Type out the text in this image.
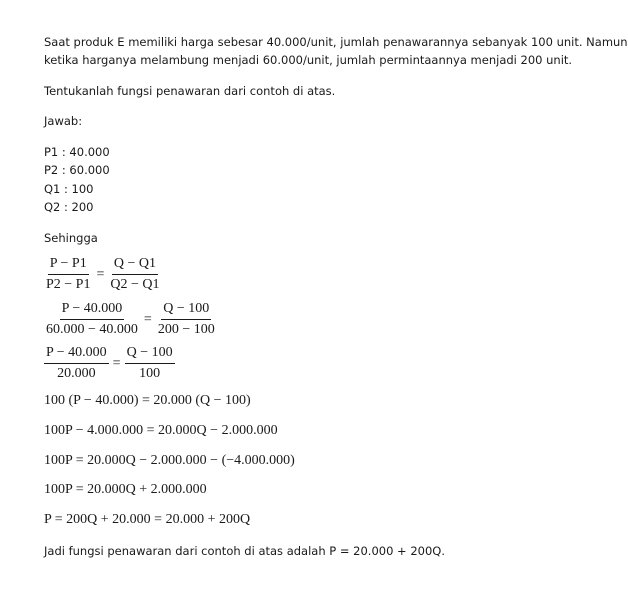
Saat produk E memiliki harga sebesar 40.000/unit, jumlah penawarannya sebanyak 100 unit. Namun
ketika harganya melambung menjadi 60.000/unit, jumlah permintaannya menjadi 200 unit.
Tentukanlah fungsi penawaran dari contoh di atas.
Jawab:
P1 : 40.000
P2 : 60.000
Q1 : 100
Q2 : 200
Sehingga
$\frac{P - P1}{P2 - P1} = \frac{Q - Q1}{Q2 - Q1}$
$\frac{P - 40.000}{60.000 - 40.000} = \frac{Q - 100}{200 - 100}$
$\frac{P - 40.000}{20.000} = \frac{Q - 100}{100}$
100 (P − 40.000) = 20.000 (Q − 100)
100P − 4.000.000 = 20.000Q − 2.000.000
100P = 20.000Q − 2.000.000 − (−4.000.000)
100P = 20.000Q + 2.000.000
P = 200Q + 20.000 = 20.000 + 200Q
Jadi fungsi penawaran dari contoh di atas adalah P = 20.000 + 200Q.
